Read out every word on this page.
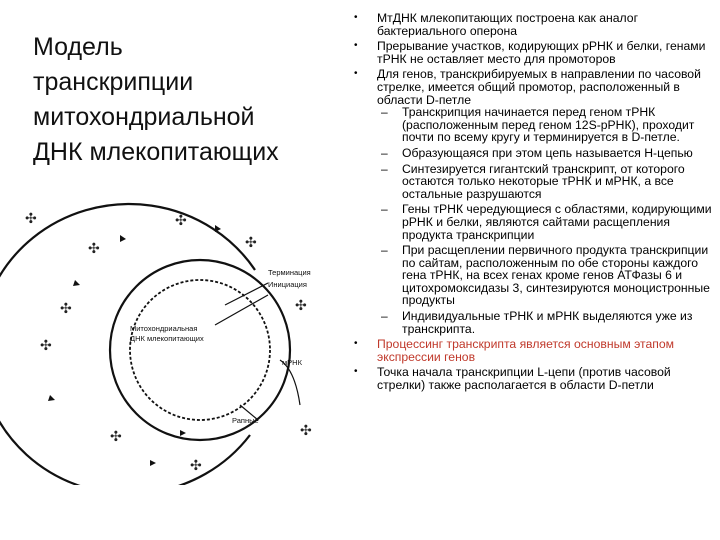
Модель
транскрипции
митохондриальной
ДНК млекопитающих
✣
✣	✣
✣
✣
✣
✣
✣
✣
✣
Терминация
Инициация
Митохондриальная
ДНК млекопитающих
мРНК
Рапные
• МтДНК млекопитающих построена как аналог бактериального оперона
• Прерывание участков, кодирующих рРНК и белки, генами тРНК не оставляет место для промоторов
• Для генов, транскрибируемых в направлении по часовой стрелке, имеется общий промотор, расположенный в области D-петле
– Транскрипция начинается перед геном тРНК (расположенным перед геном 12S-рРНК), проходит почти по всему кругу и терминируется в D-петле.
– Образующаяся при этом цепь называется Н-цепью
– Синтезируется гигантский транскрипт, от которого остаются только некоторые тРНК и мРНК, а все остальные разрушаются
– Гены тРНК чередующиеся с областями, кодирующими рРНК и белки, являются сайтами расщепления продукта транскрипции
– При расщеплении первичного продукта транскрипции по сайтам, расположенным по обе стороны каждого гена тРНК, на всех генах кроме генов АТФазы 6 и цитохромоксидазы 3, синтезируются моноцистронные продукты
– Индивидуальные тРНК и мРНК выделяются уже из транскрипта.
• Процессинг транскрипта является основным этапом экспрессии генов
• Точка начала транскрипции L-цепи (против часовой стрелки) также располагается в области D-петли
